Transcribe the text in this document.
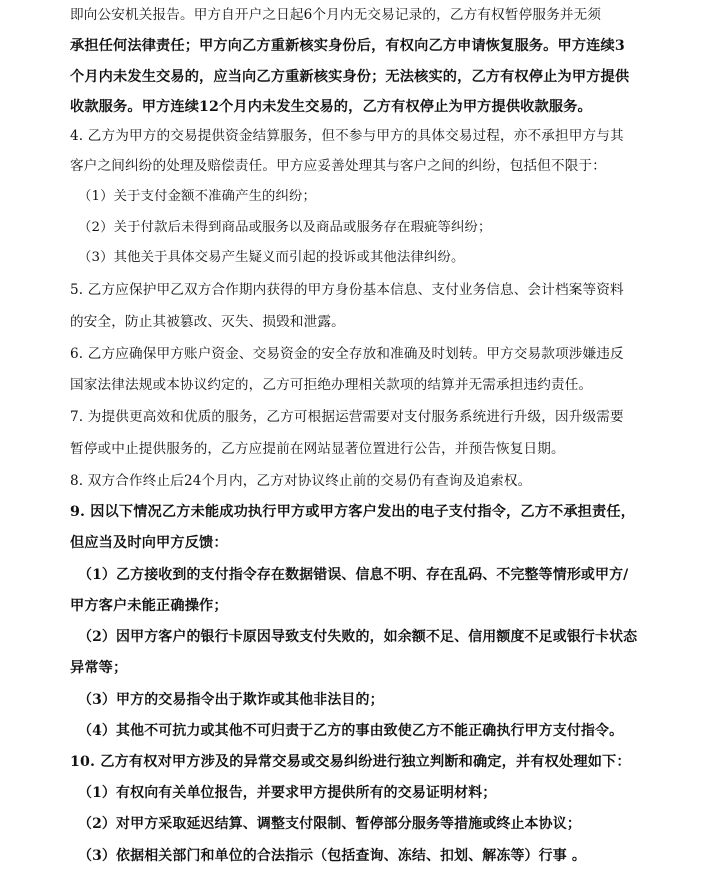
即向公安机关报告。甲方自开户之日起6个月内无交易记录的，乙方有权暂停服务并无须
承担任何法律责任；甲方向乙方重新核实身份后，有权向乙方申请恢复服务。甲方连续3
个月内未发生交易的，应当向乙方重新核实身份；无法核实的，乙方有权停止为甲方提供
收款服务。甲方连续12个月内未发生交易的，乙方有权停止为甲方提供收款服务。
4. 乙方为甲方的交易提供资金结算服务，但不参与甲方的具体交易过程，亦不承担甲方与其
客户之间纠纷的处理及赔偿责任。甲方应妥善处理其与客户之间的纠纷，包括但不限于：
（1）关于支付金额不准确产生的纠纷；
（2）关于付款后未得到商品或服务以及商品或服务存在瑕疵等纠纷；
（3）其他关于具体交易产生疑义而引起的投诉或其他法律纠纷。
5. 乙方应保护甲乙双方合作期内获得的甲方身份基本信息、支付业务信息、会计档案等资料
的安全，防止其被篡改、灭失、损毁和泄露。
6. 乙方应确保甲方账户资金、交易资金的安全存放和准确及时划转。甲方交易款项涉嫌违反
国家法律法规或本协议约定的，乙方可拒绝办理相关款项的结算并无需承担违约责任。
7. 为提供更高效和优质的服务，乙方可根据运营需要对支付服务系统进行升级，因升级需要
暂停或中止提供服务的，乙方应提前在网站显著位置进行公告，并预告恢复日期。
8. 双方合作终止后24个月内，乙方对协议终止前的交易仍有查询及追索权。
9. 因以下情况乙方未能成功执行甲方或甲方客户发出的电子支付指令，乙方不承担责任，
但应当及时向甲方反馈：
（1）乙方接收到的支付指令存在数据错误、信息不明、存在乱码、不完整等情形或甲方/
甲方客户未能正确操作；
（2）因甲方客户的银行卡原因导致支付失败的，如余额不足、信用额度不足或银行卡状态
异常等；
（3）甲方的交易指令出于欺诈或其他非法目的；
（4）其他不可抗力或其他不可归责于乙方的事由致使乙方不能正确执行甲方支付指令。
10. 乙方有权对甲方涉及的异常交易或交易纠纷进行独立判断和确定，并有权处理如下：
（1）有权向有关单位报告，并要求甲方提供所有的交易证明材料；
（2）对甲方采取延迟结算、调整支付限制、暂停部分服务等措施或终止本协议；
（3）依据相关部门和单位的合法指示（包括查询、冻结、扣划、解冻等）行事 。
